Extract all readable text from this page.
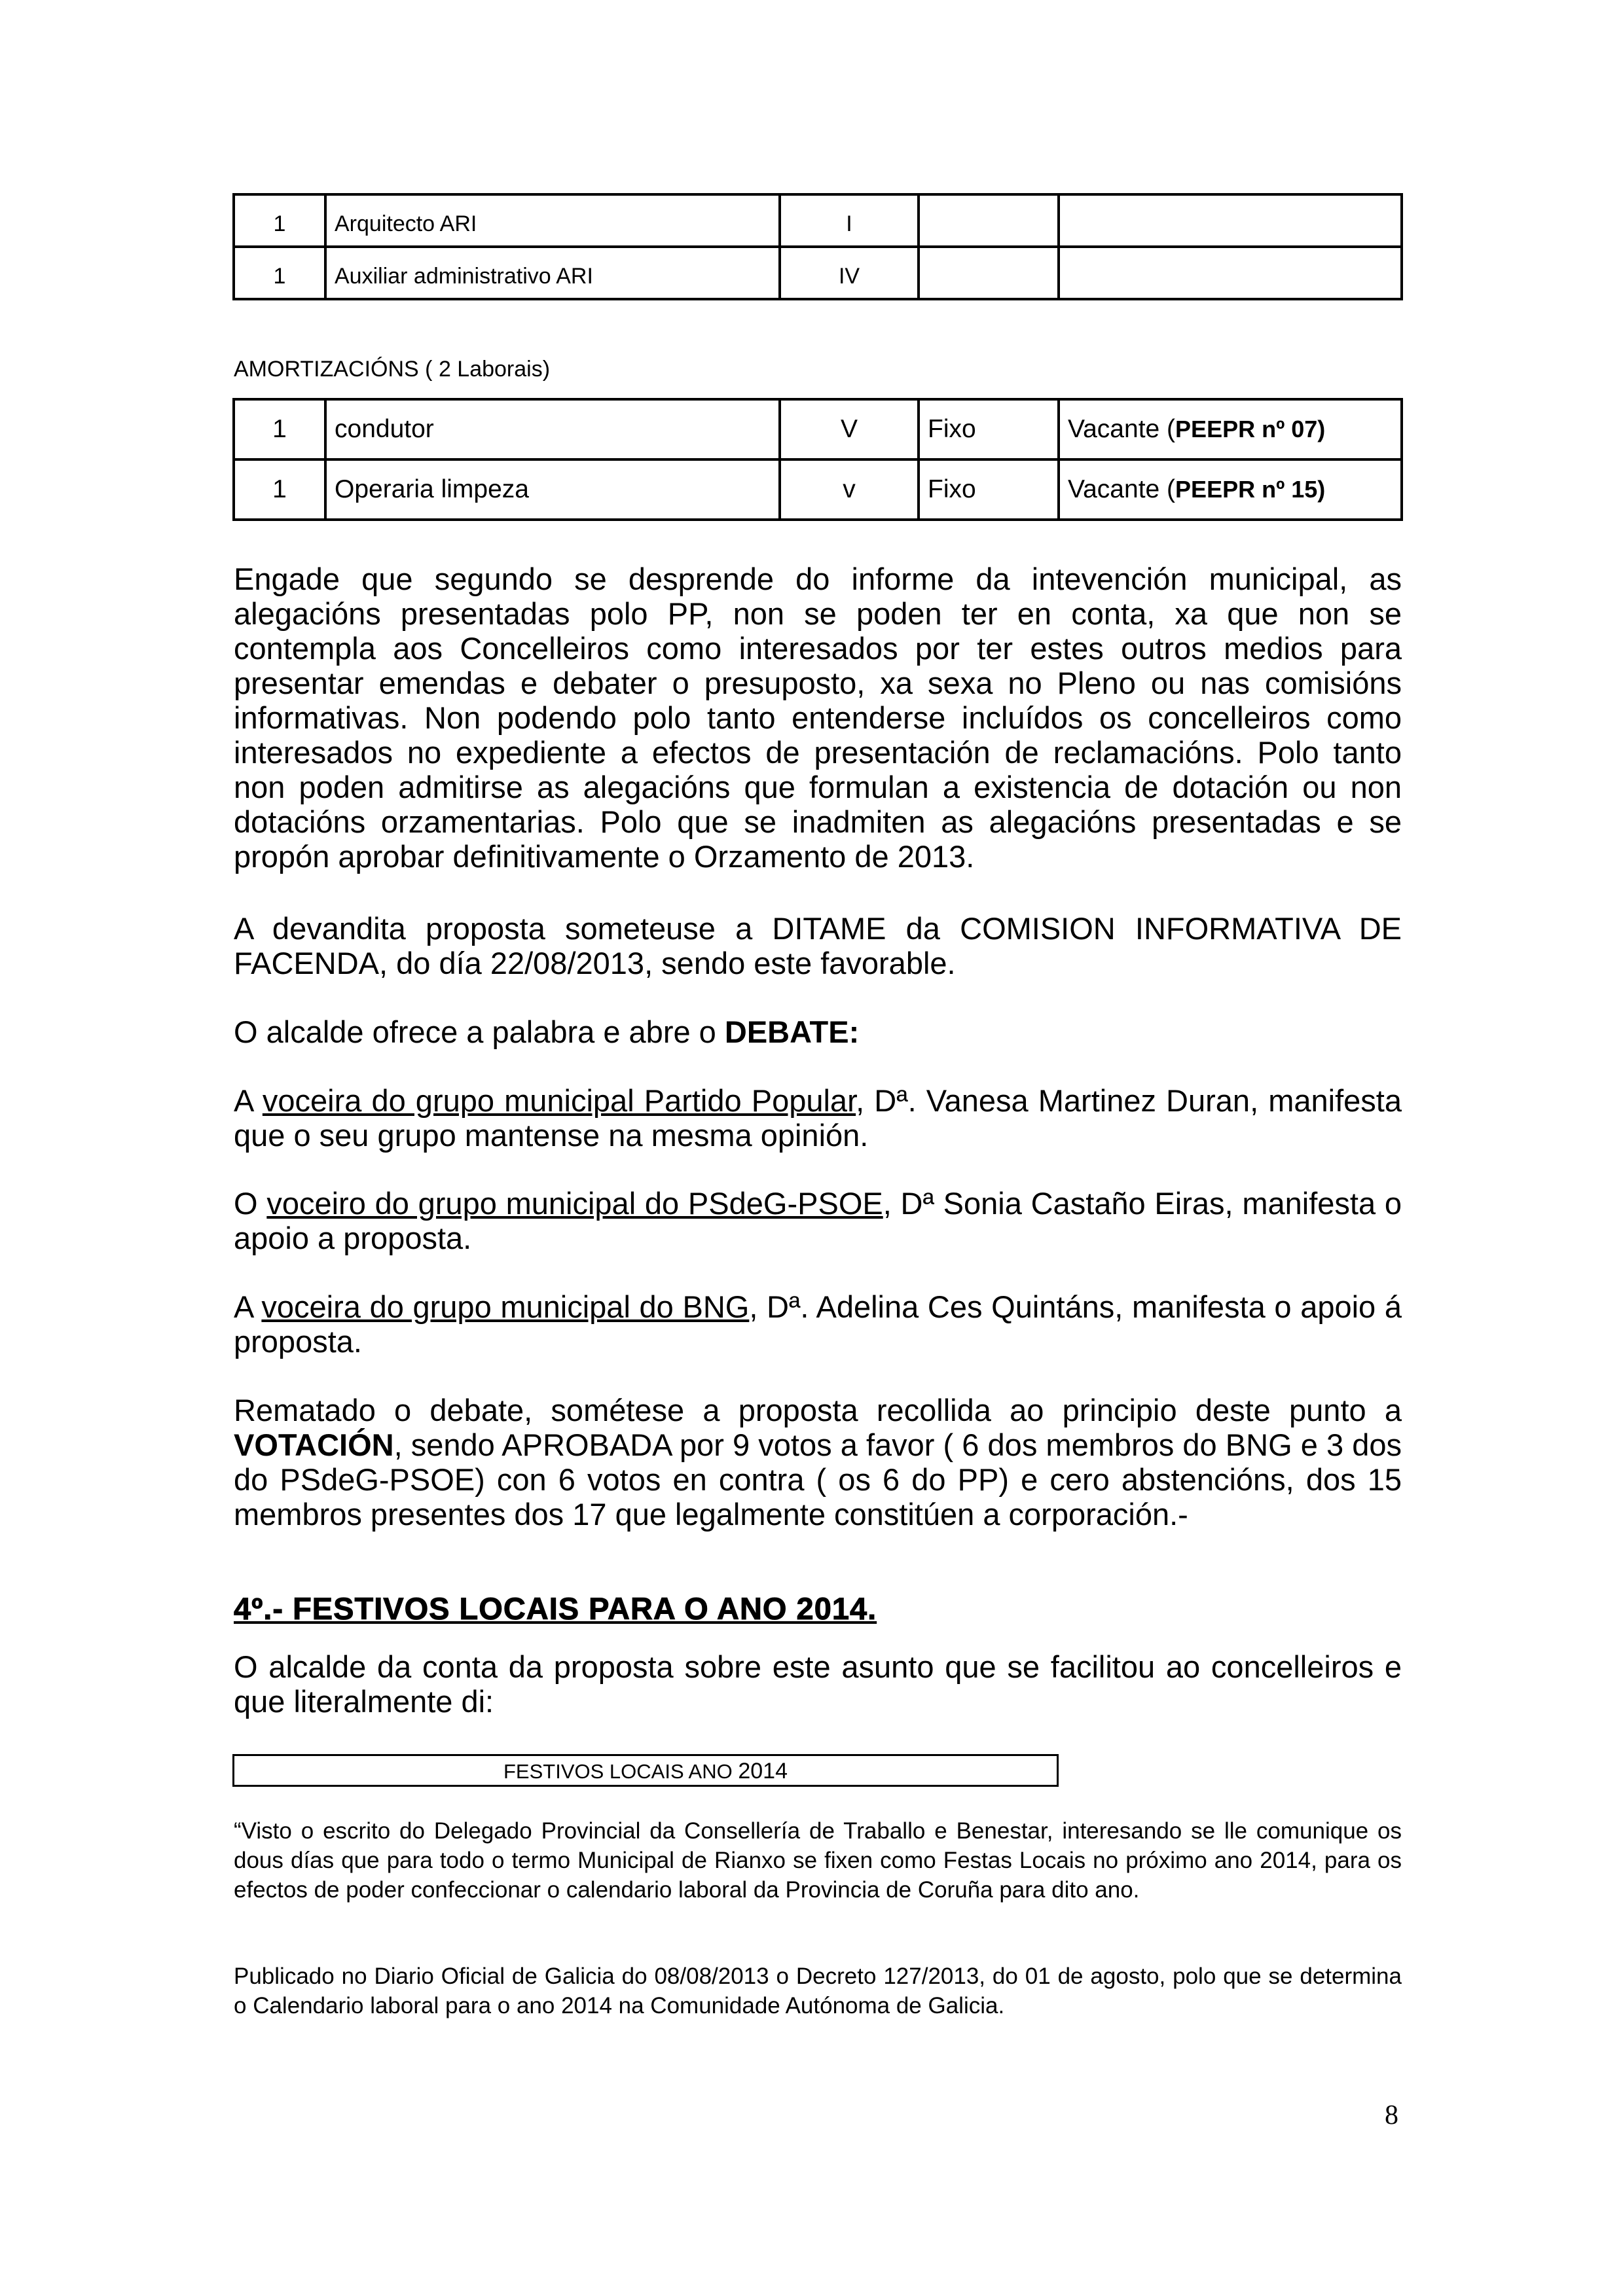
1	Arquitecto ARI	I		
1	Auxiliar administrativo ARI	IV		
AMORTIZACIÓNS ( 2 Laborais)
1	condutor	V	Fixo	Vacante (PEEPR nº 07)
1	Operaria limpeza	v	Fixo	Vacante (PEEPR nº 15)

Engade que segundo se desprende do informe da intevención municipal, as alegacións presentadas polo PP, non se poden ter en conta, xa que non se contempla aos Concelleiros como interesados por ter estes outros medios para presentar emendas e debater o presuposto, xa sexa no Pleno ou nas comisións informativas. Non podendo polo tanto entenderse incluídos os concelleiros como interesados no expediente a efectos de presentación de reclamacións. Polo tanto non poden admitirse as alegacións que formulan a existencia de dotación ou non dotacións orzamentarias. Polo que se inadmiten as alegacións presentadas e se propón aprobar definitivamente o Orzamento de 2013.

A devandita proposta someteuse a DITAME da COMISION INFORMATIVA DE FACENDA, do día 22/08/2013, sendo este favorable.

O alcalde ofrece a palabra e abre o DEBATE:

A voceira do grupo municipal Partido Popular, Dª. Vanesa Martinez Duran, manifesta que o seu grupo mantense na mesma opinión.

O voceiro do grupo municipal do PSdeG-PSOE, Dª Sonia Castaño Eiras, manifesta o apoio a proposta.

A voceira do grupo municipal do BNG, Dª. Adelina Ces Quintáns, manifesta o apoio á proposta.

Rematado o debate, sométese a proposta recollida ao principio deste punto a VOTACIÓN, sendo APROBADA por 9 votos a favor ( 6 dos membros do BNG e 3 dos do PSdeG-PSOE) con 6 votos en contra ( os 6 do PP) e cero abstencións, dos 15 membros presentes dos 17 que legalmente constitúen a corporación.-

4º.- FESTIVOS LOCAIS PARA O ANO 2014.

O alcalde da conta da proposta sobre este asunto que se facilitou ao concelleiros e que literalmente di:

FESTIVOS LOCAIS ANO 2014

“Visto o escrito do Delegado Provincial da Consellería de Traballo e Benestar, interesando se lle comunique os dous días que para todo o termo Municipal de Rianxo se fixen como Festas Locais no próximo ano 2014, para os efectos de poder confeccionar o calendario laboral da Provincia de Coruña para dito ano.

Publicado no Diario Oficial de Galicia do 08/08/2013 o Decreto 127/2013, do 01 de agosto, polo que se determina o Calendario laboral para o ano 2014 na Comunidade Autónoma de Galicia.

8
